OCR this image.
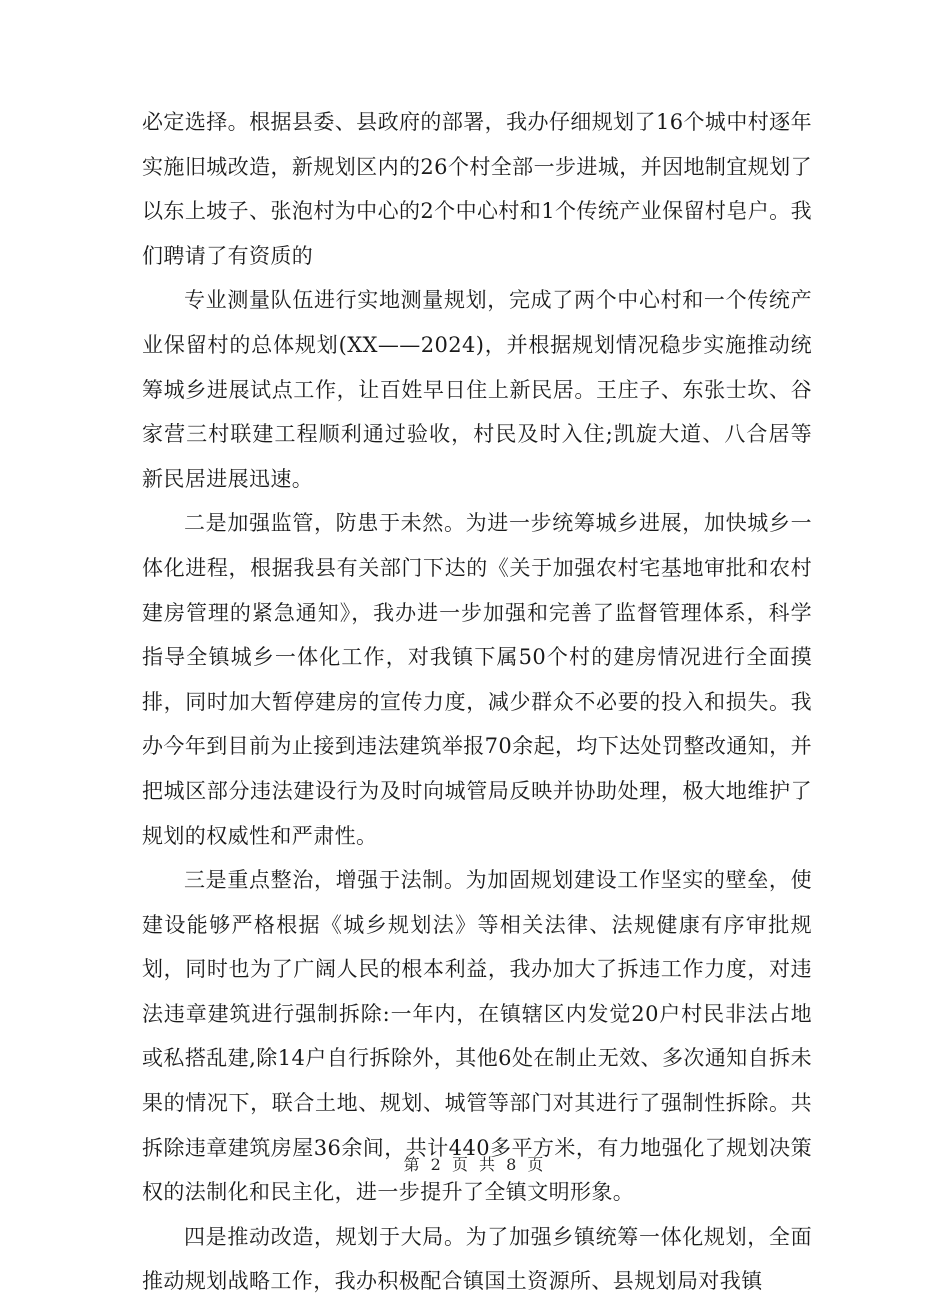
必定选择。根据县委、县政府的部署，我办仔细规划了16个城中村逐年实施旧城改造，新规划区内的26个村全部一步进城，并因地制宜规划了以东上坡子、张泡村为中心的2个中心村和1个传统产业保留村皂户。我们聘请了有资质的

专业测量队伍进行实地测量规划，完成了两个中心村和一个传统产业保留村的总体规划(XX——2024)，并根据规划情况稳步实施推动统筹城乡进展试点工作，让百姓早日住上新民居。王庄子、东张士坎、谷家营三村联建工程顺利通过验收，村民及时入住;凯旋大道、八合居等新民居进展迅速。

二是加强监管，防患于未然。为进一步统筹城乡进展，加快城乡一体化进程，根据我县有关部门下达的《关于加强农村宅基地审批和农村建房管理的紧急通知》，我办进一步加强和完善了监督管理体系，科学指导全镇城乡一体化工作，对我镇下属50个村的建房情况进行全面摸排，同时加大暂停建房的宣传力度，减少群众不必要的投入和损失。我办今年到目前为止接到违法建筑举报70余起，均下达处罚整改通知，并把城区部分违法建设行为及时向城管局反映并协助处理，极大地维护了规划的权威性和严肃性。

三是重点整治，增强于法制。为加固规划建设工作坚实的壁垒，使建设能够严格根据《城乡规划法》等相关法律、法规健康有序审批规划，同时也为了广阔人民的根本利益，我办加大了拆违工作力度，对违法违章建筑进行强制拆除:一年内，在镇辖区内发觉20户村民非法占地或私搭乱建,除14户自行拆除外，其他6处在制止无效、多次通知自拆未果的情况下，联合土地、规划、城管等部门对其进行了强制性拆除。共拆除违章建筑房屋36余间，共计440多平方米，有力地强化了规划决策权的法制化和民主化，进一步提升了全镇文明形象。

四是推动改造，规划于大局。为了加强乡镇统筹一体化规划，全面推动规划战略工作，我办积极配合镇国土资源所、县规划局对我镇

第 2 页 共 8 页
